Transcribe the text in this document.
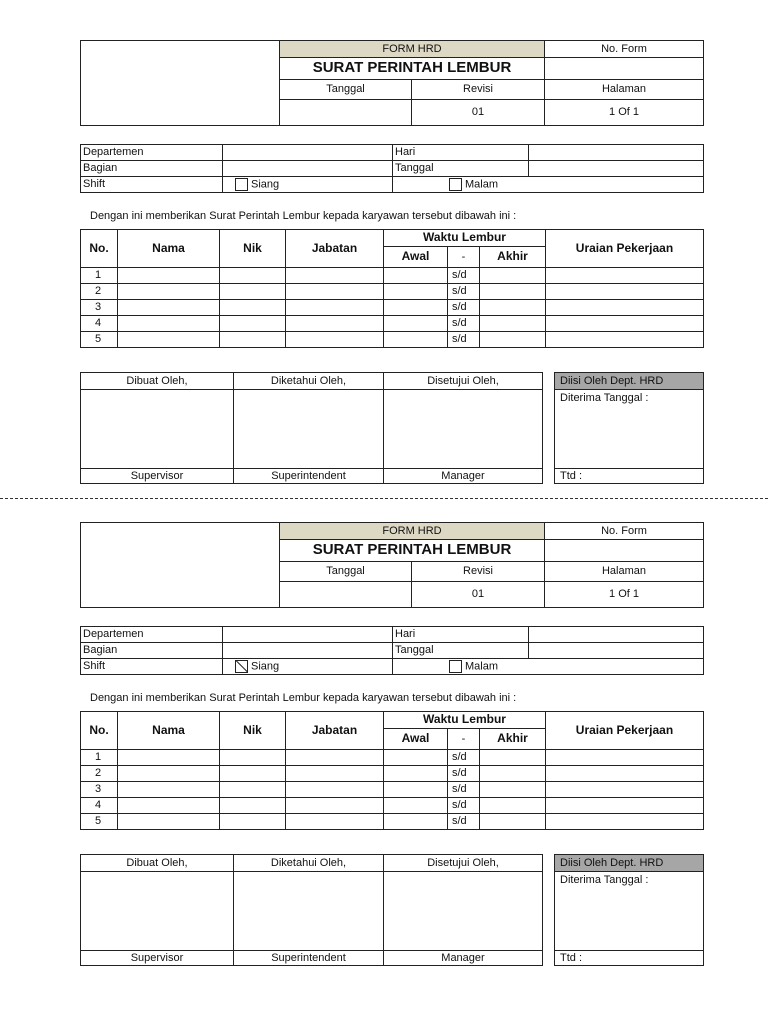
	FORM HRD		No. Form
	SURAT PERINTAH LEMBUR		
	Tanggal	Revisi	Halaman
		01	1 Of 1
Departemen		Hari	
Bagian		Tanggal	
Shift	Siang	Malam	
Dengan ini memberikan Surat Perintah Lembur kepada karyawan tersebut dibawah ini :
No.	Nama	Nik	Jabatan	Waktu Lembur			Uraian Pekerjaan
				Awal	-	Akhir	
1					s/d		
2					s/d		
3					s/d		
4					s/d		
5					s/d		
Dibuat Oleh,	Diketahui Oleh,	Disetujui Oleh,

Supervisor	Superintendent	Manager
Diisi Oleh Dept. HRD
Diterima Tanggal :
Ttd :
	FORM HRD		No. Form
	SURAT PERINTAH LEMBUR		
	Tanggal	Revisi	Halaman
		01	1 Of 1
Departemen		Hari	
Bagian		Tanggal	
Shift	Siang	Malam	
Dengan ini memberikan Surat Perintah Lembur kepada karyawan tersebut dibawah ini :
No.	Nama	Nik	Jabatan	Waktu Lembur			Uraian Pekerjaan
				Awal	-	Akhir	
1					s/d		
2					s/d		
3					s/d		
4					s/d		
5					s/d		
Dibuat Oleh,	Diketahui Oleh,	Disetujui Oleh,

Supervisor	Superintendent	Manager
Diisi Oleh Dept. HRD
Diterima Tanggal :
Ttd :
